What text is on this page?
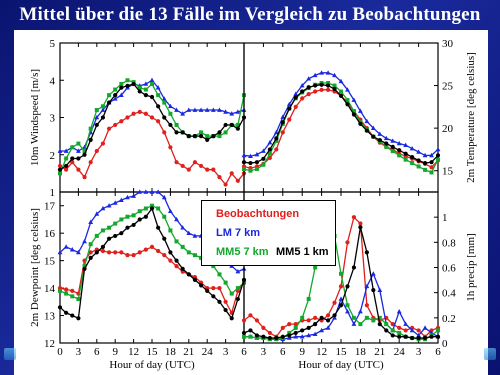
Mittel über die 13 Fälle im Vergleich zu Beobachtungen
1
2
3
4
5
10m Windspeed [m/s]
15
20
25
30
2m Temperature [deg celsius]
12
13
14
15
16
17
0 3 6 9 12 15 18 21 24 3 6
Hour of day (UTC)
2m Dewpoint [deg celsius]
0
0.2
0.4
0.6
0.8
1
3 6 9 12 15 18 21 24 3 6
Hour of day (UTC)
1h precip [mm]
Beobachtungen
LM 7 km
MM5 7 km MM5 1 km
